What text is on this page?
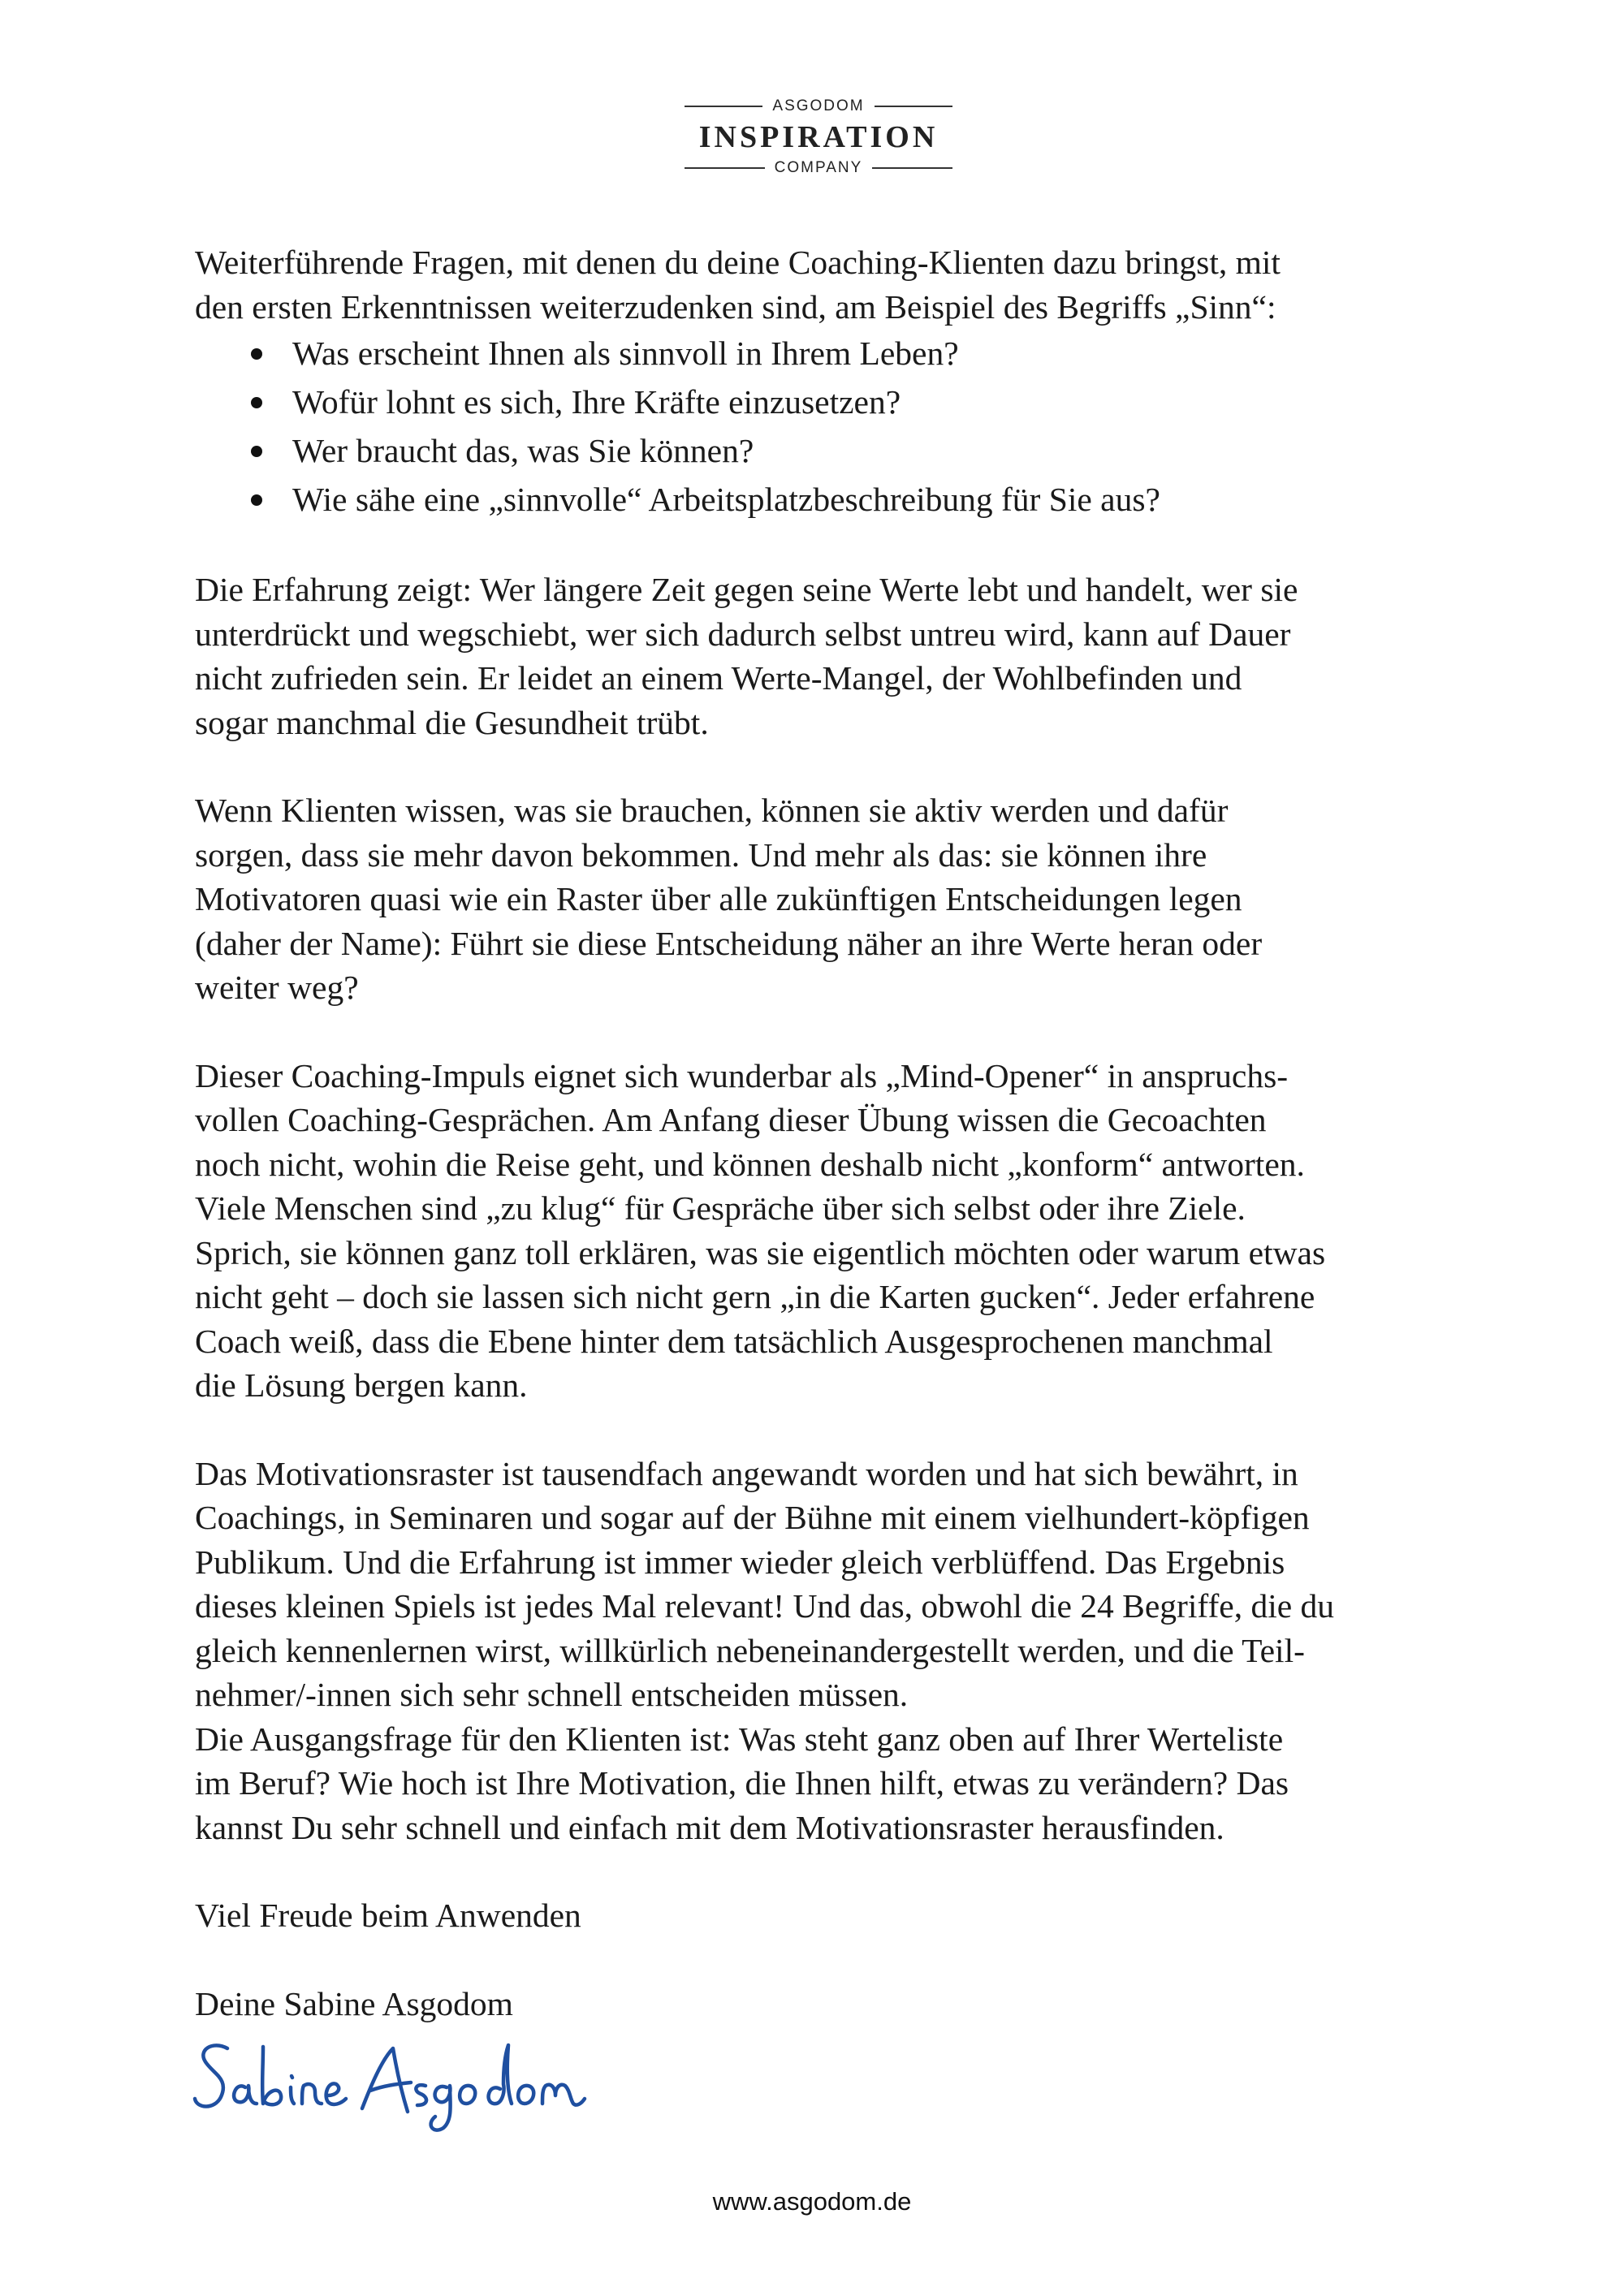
ASGODOM
INSPIRATION
COMPANY

Weiterführende Fragen, mit denen du deine Coaching-Klienten dazu bringst, mit

den ersten Erkenntnissen weiterzudenken sind, am Beispiel des Begriffs „Sinn“:

Was erscheint Ihnen als sinnvoll in Ihrem Leben?
Wofür lohnt es sich, Ihre Kräfte einzusetzen?
Wer braucht das, was Sie können?
Wie sähe eine „sinnvolle“ Arbeitsplatzbeschreibung für Sie aus?

Die Erfahrung zeigt: Wer längere Zeit gegen seine Werte lebt und handelt, wer sie

unterdrückt und wegschiebt, wer sich dadurch selbst untreu wird, kann auf Dauer

nicht zufrieden sein. Er leidet an einem Werte-Mangel, der Wohlbefinden und

sogar manchmal die Gesundheit trübt.

Wenn Klienten wissen, was sie brauchen, können sie aktiv werden und dafür

sorgen, dass sie mehr davon bekommen. Und mehr als das: sie können ihre

Motivatoren quasi wie ein Raster über alle zukünftigen Entscheidungen legen

(daher der Name): Führt sie diese Entscheidung näher an ihre Werte heran oder

weiter weg?

Dieser Coaching-Impuls eignet sich wunderbar als „Mind-Opener“ in anspruchs-

vollen Coaching-Gesprächen. Am Anfang dieser Übung wissen die Gecoachten

noch nicht, wohin die Reise geht, und können deshalb nicht „konform“ antworten.

Viele Menschen sind „zu klug“ für Gespräche über sich selbst oder ihre Ziele.

Sprich, sie können ganz toll erklären, was sie eigentlich möchten oder warum etwas

nicht geht – doch sie lassen sich nicht gern „in die Karten gucken“. Jeder erfahrene

Coach weiß, dass die Ebene hinter dem tatsächlich Ausgesprochenen manchmal

die Lösung bergen kann.

Das Motivationsraster ist tausendfach angewandt worden und hat sich bewährt, in

Coachings, in Seminaren und sogar auf der Bühne mit einem vielhundert-köpfigen

Publikum. Und die Erfahrung ist immer wieder gleich verblüffend. Das Ergebnis

dieses kleinen Spiels ist jedes Mal relevant! Und das, obwohl die 24 Begriffe, die du

gleich kennenlernen wirst, willkürlich nebeneinandergestellt werden, und die Teil-

nehmer/-innen sich sehr schnell entscheiden müssen.

Die Ausgangsfrage für den Klienten ist: Was steht ganz oben auf Ihrer Werteliste

im Beruf? Wie hoch ist Ihre Motivation, die Ihnen hilft, etwas zu verändern? Das

kannst Du sehr schnell und einfach mit dem Motivationsraster herausfinden.

Viel Freude beim Anwenden

Deine Sabine Asgodom

www.asgodom.de
